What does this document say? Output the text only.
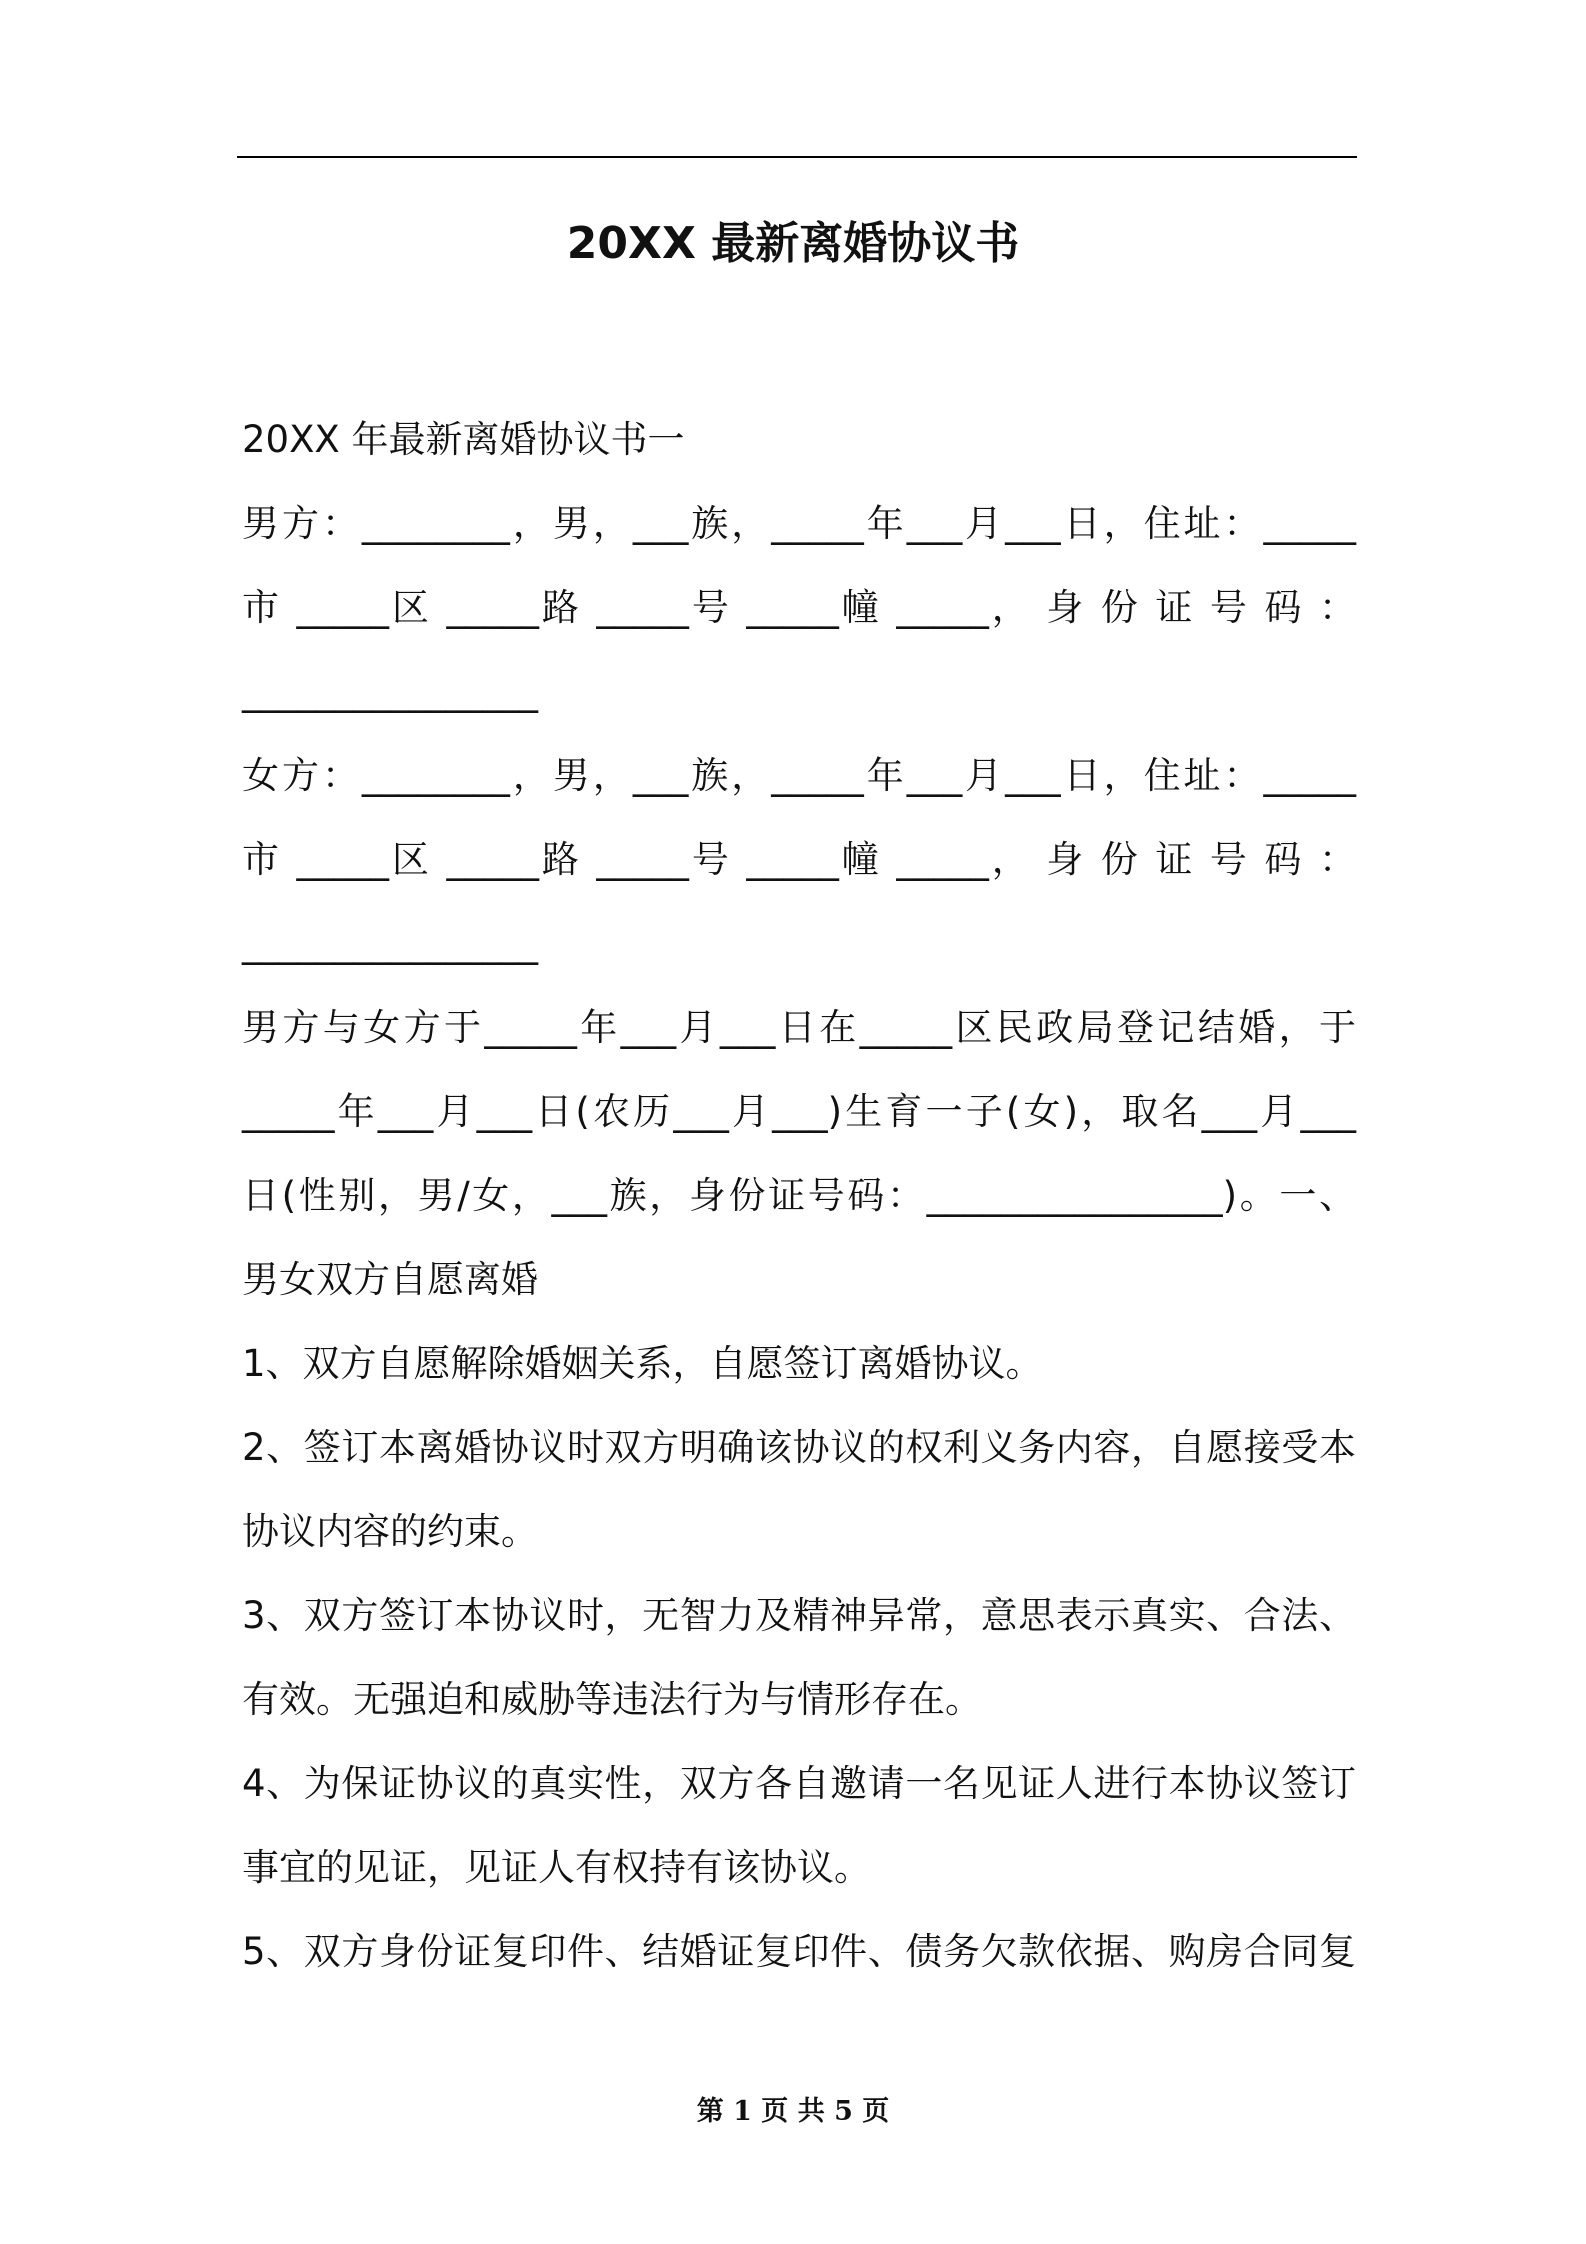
20XX 最新离婚协议书
20XX 年最新离婚协议书一
男方：________，男，___族，_____年___月___日，住址：_____
市 _____区 _____路 _____号 _____幢 _____， 身 份 证 号 码 ：
________________
女方：________，男，___族，_____年___月___日，住址：_____
市 _____区 _____路 _____号 _____幢 _____， 身 份 证 号 码 ：
________________
男方与女方于_____年___月___日在_____区民政局登记结婚，于
_____年___月___日(农历___月___)生育一子(女)，取名___月___
日(性别，男/女，___族，身份证号码：________________)。一、
男女双方自愿离婚
1、双方自愿解除婚姻关系，自愿签订离婚协议。
2、签订本离婚协议时双方明确该协议的权利义务内容，自愿接受本
协议内容的约束。
3、双方签订本协议时，无智力及精神异常，意思表示真实、合法、
有效。无强迫和威胁等违法行为与情形存在。
4、为保证协议的真实性，双方各自邀请一名见证人进行本协议签订
事宜的见证，见证人有权持有该协议。
5、双方身份证复印件、结婚证复印件、债务欠款依据、购房合同复
第 1 页 共 5 页
